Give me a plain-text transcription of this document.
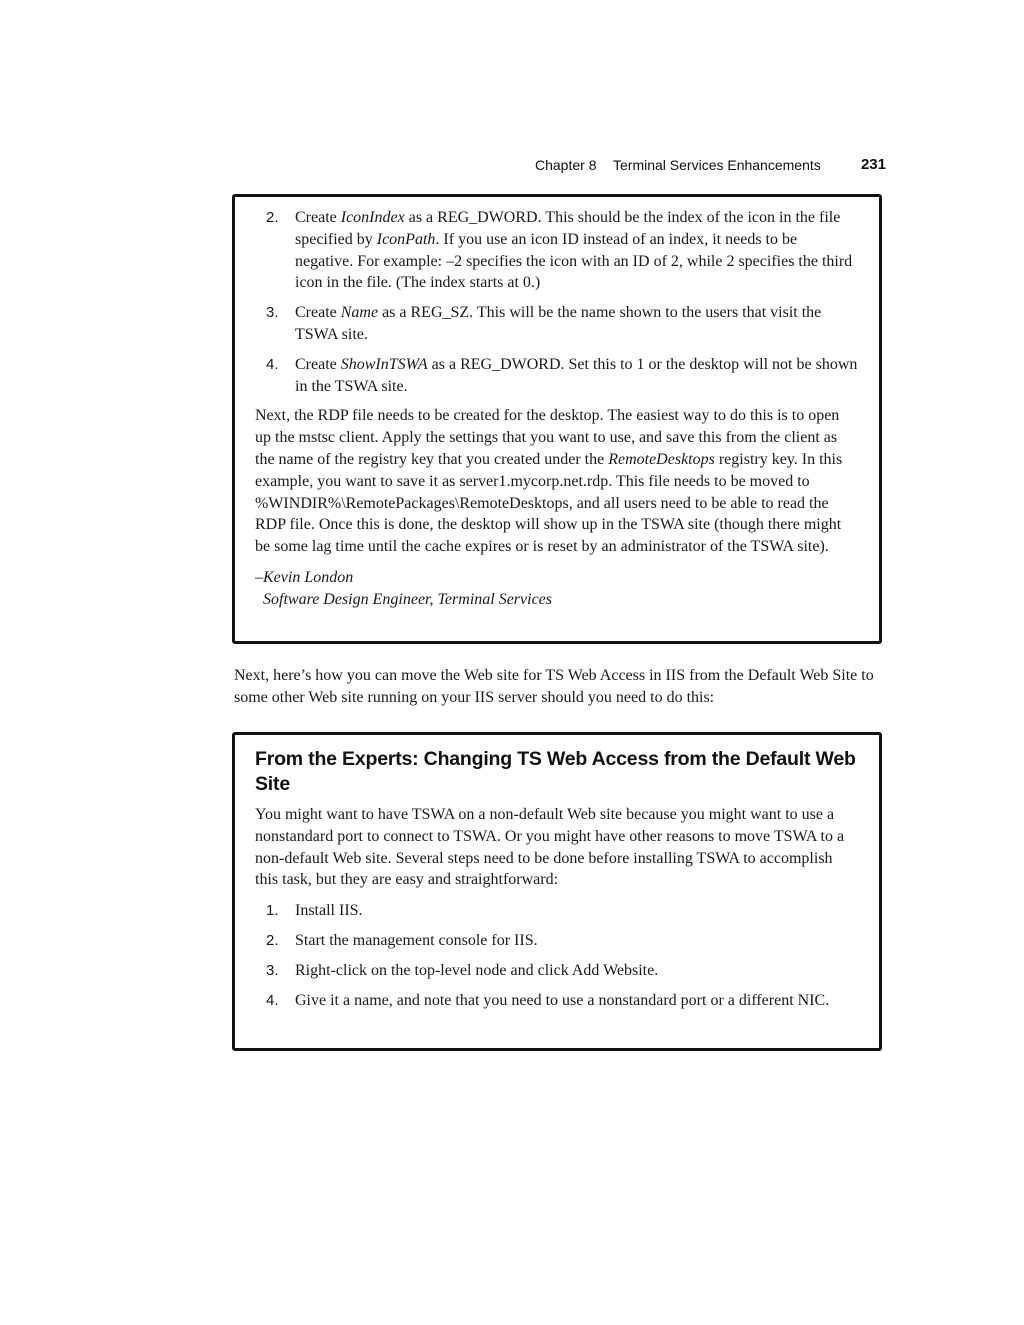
Chapter 8 Terminal Services Enhancements	231
2. Create IconIndex as a REG_DWORD. This should be the index of the icon in the file specified by IconPath. If you use an icon ID instead of an index, it needs to be negative. For example: –2 specifies the icon with an ID of 2, while 2 specifies the third icon in the file. (The index starts at 0.)
3. Create Name as a REG_SZ. This will be the name shown to the users that visit the TSWA site.
4. Create ShowInTSWA as a REG_DWORD. Set this to 1 or the desktop will not be shown in the TSWA site.

Next, the RDP file needs to be created for the desktop. The easiest way to do this is to open up the mstsc client. Apply the settings that you want to use, and save this from the client as the name of the registry key that you created under the RemoteDesktops registry key. In this example, you want to save it as server1.mycorp.net.rdp. This file needs to be moved to %WINDIR%\RemotePackages\RemoteDesktops, and all users need to be able to read the RDP file. Once this is done, the desktop will show up in the TSWA site (though there might be some lag time until the cache expires or is reset by an administrator of the TSWA site).

–Kevin London
Software Design Engineer, Terminal Services

Next, here’s how you can move the Web site for TS Web Access in IIS from the Default Web Site to some other Web site running on your IIS server should you need to do this:

From the Experts: Changing TS Web Access from the Default Web Site

You might want to have TSWA on a non-default Web site because you might want to use a nonstandard port to connect to TSWA. Or you might have other reasons to move TSWA to a non-default Web site. Several steps need to be done before installing TSWA to accomplish this task, but they are easy and straightforward:

1. Install IIS.
2. Start the management console for IIS.
3. Right-click on the top-level node and click Add Website.
4. Give it a name, and note that you need to use a nonstandard port or a different NIC.
